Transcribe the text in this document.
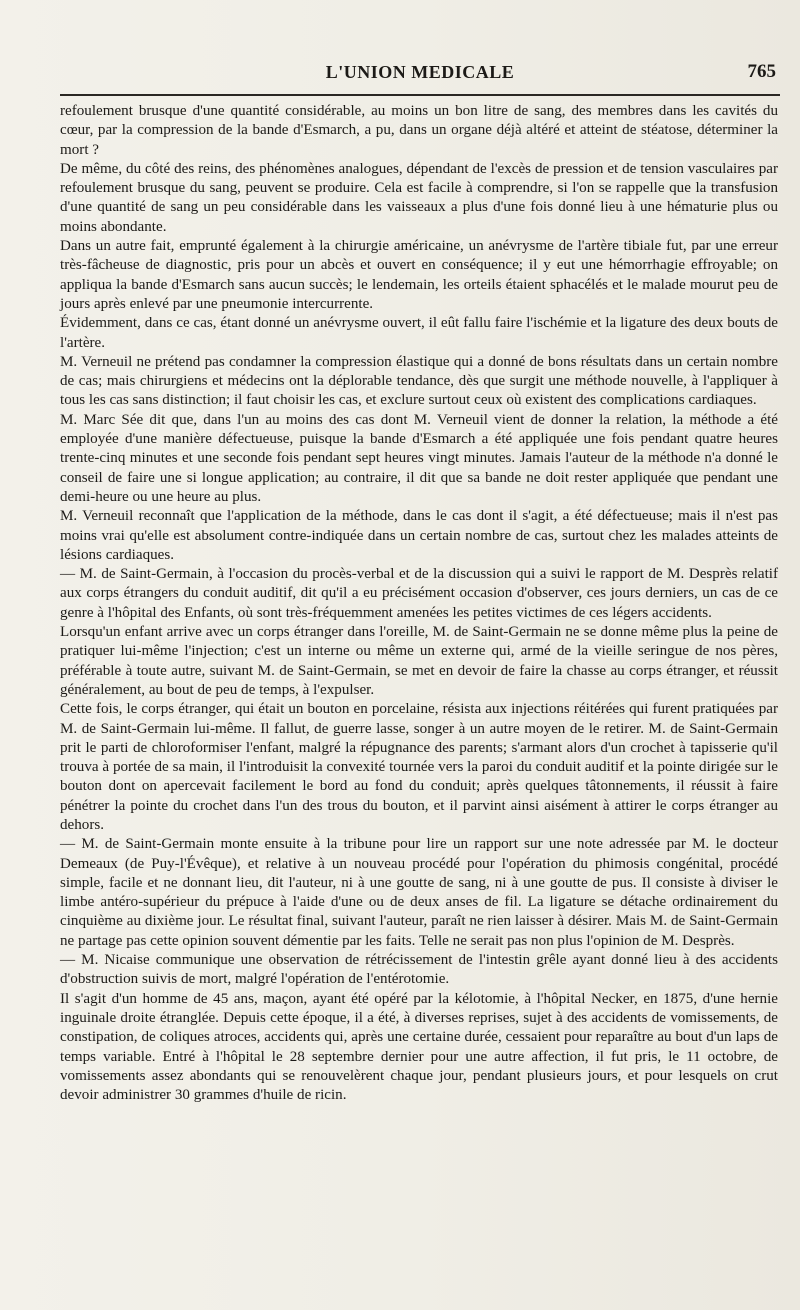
L'UNION MEDICALE	765

refoulement brusque d'une quantité considérable, au moins un bon litre de sang, des membres dans les cavités du cœur, par la compression de la bande d'Esmarch, a pu, dans un organe déjà altéré et atteint de stéatose, déterminer la mort ?

De même, du côté des reins, des phénomènes analogues, dépendant de l'excès de pression et de tension vasculaires par refoulement brusque du sang, peuvent se produire. Cela est facile à comprendre, si l'on se rappelle que la transfusion d'une quantité de sang un peu considérable dans les vaisseaux a plus d'une fois donné lieu à une hématurie plus ou moins abondante.

Dans un autre fait, emprunté également à la chirurgie américaine, un anévrysme de l'artère tibiale fut, par une erreur très-fâcheuse de diagnostic, pris pour un abcès et ouvert en conséquence; il y eut une hémorrhagie effroyable; on appliqua la bande d'Esmarch sans aucun succès; le lendemain, les orteils étaient sphacélés et le malade mourut peu de jours après enlevé par une pneumonie intercurrente.

Évidemment, dans ce cas, étant donné un anévrysme ouvert, il eût fallu faire l'ischémie et la ligature des deux bouts de l'artère.

M. Verneuil ne prétend pas condamner la compression élastique qui a donné de bons résultats dans un certain nombre de cas; mais chirurgiens et médecins ont la déplorable tendance, dès que surgit une méthode nouvelle, à l'appliquer à tous les cas sans distinction; il faut choisir les cas, et exclure surtout ceux où existent des complications cardiaques.

M. Marc Sée dit que, dans l'un au moins des cas dont M. Verneuil vient de donner la relation, la méthode a été employée d'une manière défectueuse, puisque la bande d'Esmarch a été appliquée une fois pendant quatre heures trente-cinq minutes et une seconde fois pendant sept heures vingt minutes. Jamais l'auteur de la méthode n'a donné le conseil de faire une si longue application; au contraire, il dit que sa bande ne doit rester appliquée que pendant une demi-heure ou une heure au plus.

M. Verneuil reconnaît que l'application de la méthode, dans le cas dont il s'agit, a été défectueuse; mais il n'est pas moins vrai qu'elle est absolument contre-indiquée dans un certain nombre de cas, surtout chez les malades atteints de lésions cardiaques.

— M. de Saint-Germain, à l'occasion du procès-verbal et de la discussion qui a suivi le rapport de M. Desprès relatif aux corps étrangers du conduit auditif, dit qu'il a eu précisément occasion d'observer, ces jours derniers, un cas de ce genre à l'hôpital des Enfants, où sont très-fréquemment amenées les petites victimes de ces légers accidents.

Lorsqu'un enfant arrive avec un corps étranger dans l'oreille, M. de Saint-Germain ne se donne même plus la peine de pratiquer lui-même l'injection; c'est un interne ou même un externe qui, armé de la vieille seringue de nos pères, préférable à toute autre, suivant M. de Saint-Germain, se met en devoir de faire la chasse au corps étranger, et réussit généralement, au bout de peu de temps, à l'expulser.

Cette fois, le corps étranger, qui était un bouton en porcelaine, résista aux injections réitérées qui furent pratiquées par M. de Saint-Germain lui-même. Il fallut, de guerre lasse, songer à un autre moyen de le retirer. M. de Saint-Germain prit le parti de chloroformiser l'enfant, malgré la répugnance des parents; s'armant alors d'un crochet à tapisserie qu'il trouva à portée de sa main, il l'introduisit la convexité tournée vers la paroi du conduit auditif et la pointe dirigée sur le bouton dont on apercevait facilement le bord au fond du conduit; après quelques tâtonnements, il réussit à faire pénétrer la pointe du crochet dans l'un des trous du bouton, et il parvint ainsi aisément à attirer le corps étranger au dehors.

— M. de Saint-Germain monte ensuite à la tribune pour lire un rapport sur une note adressée par M. le docteur Demeaux (de Puy-l'Évêque), et relative à un nouveau procédé pour l'opération du phimosis congénital, procédé simple, facile et ne donnant lieu, dit l'auteur, ni à une goutte de sang, ni à une goutte de pus. Il consiste à diviser le limbe antéro-supérieur du prépuce à l'aide d'une ou de deux anses de fil. La ligature se détache ordinairement du cinquième au dixième jour. Le résultat final, suivant l'auteur, paraît ne rien laisser à désirer. Mais M. de Saint-Germain ne partage pas cette opinion souvent démentie par les faits. Telle ne serait pas non plus l'opinion de M. Desprès.

— M. Nicaise communique une observation de rétrécissement de l'intestin grêle ayant donné lieu à des accidents d'obstruction suivis de mort, malgré l'opération de l'entérotomie.

Il s'agit d'un homme de 45 ans, maçon, ayant été opéré par la kélotomie, à l'hôpital Necker, en 1875, d'une hernie inguinale droite étranglée. Depuis cette époque, il a été, à diverses reprises, sujet à des accidents de vomissements, de constipation, de coliques atroces, accidents qui, après une certaine durée, cessaient pour reparaître au bout d'un laps de temps variable. Entré à l'hôpital le 28 septembre dernier pour une autre affection, il fut pris, le 11 octobre, de vomissements assez abondants qui se renouvelèrent chaque jour, pendant plusieurs jours, et pour lesquels on crut devoir administrer 30 grammes d'huile de ricin.
